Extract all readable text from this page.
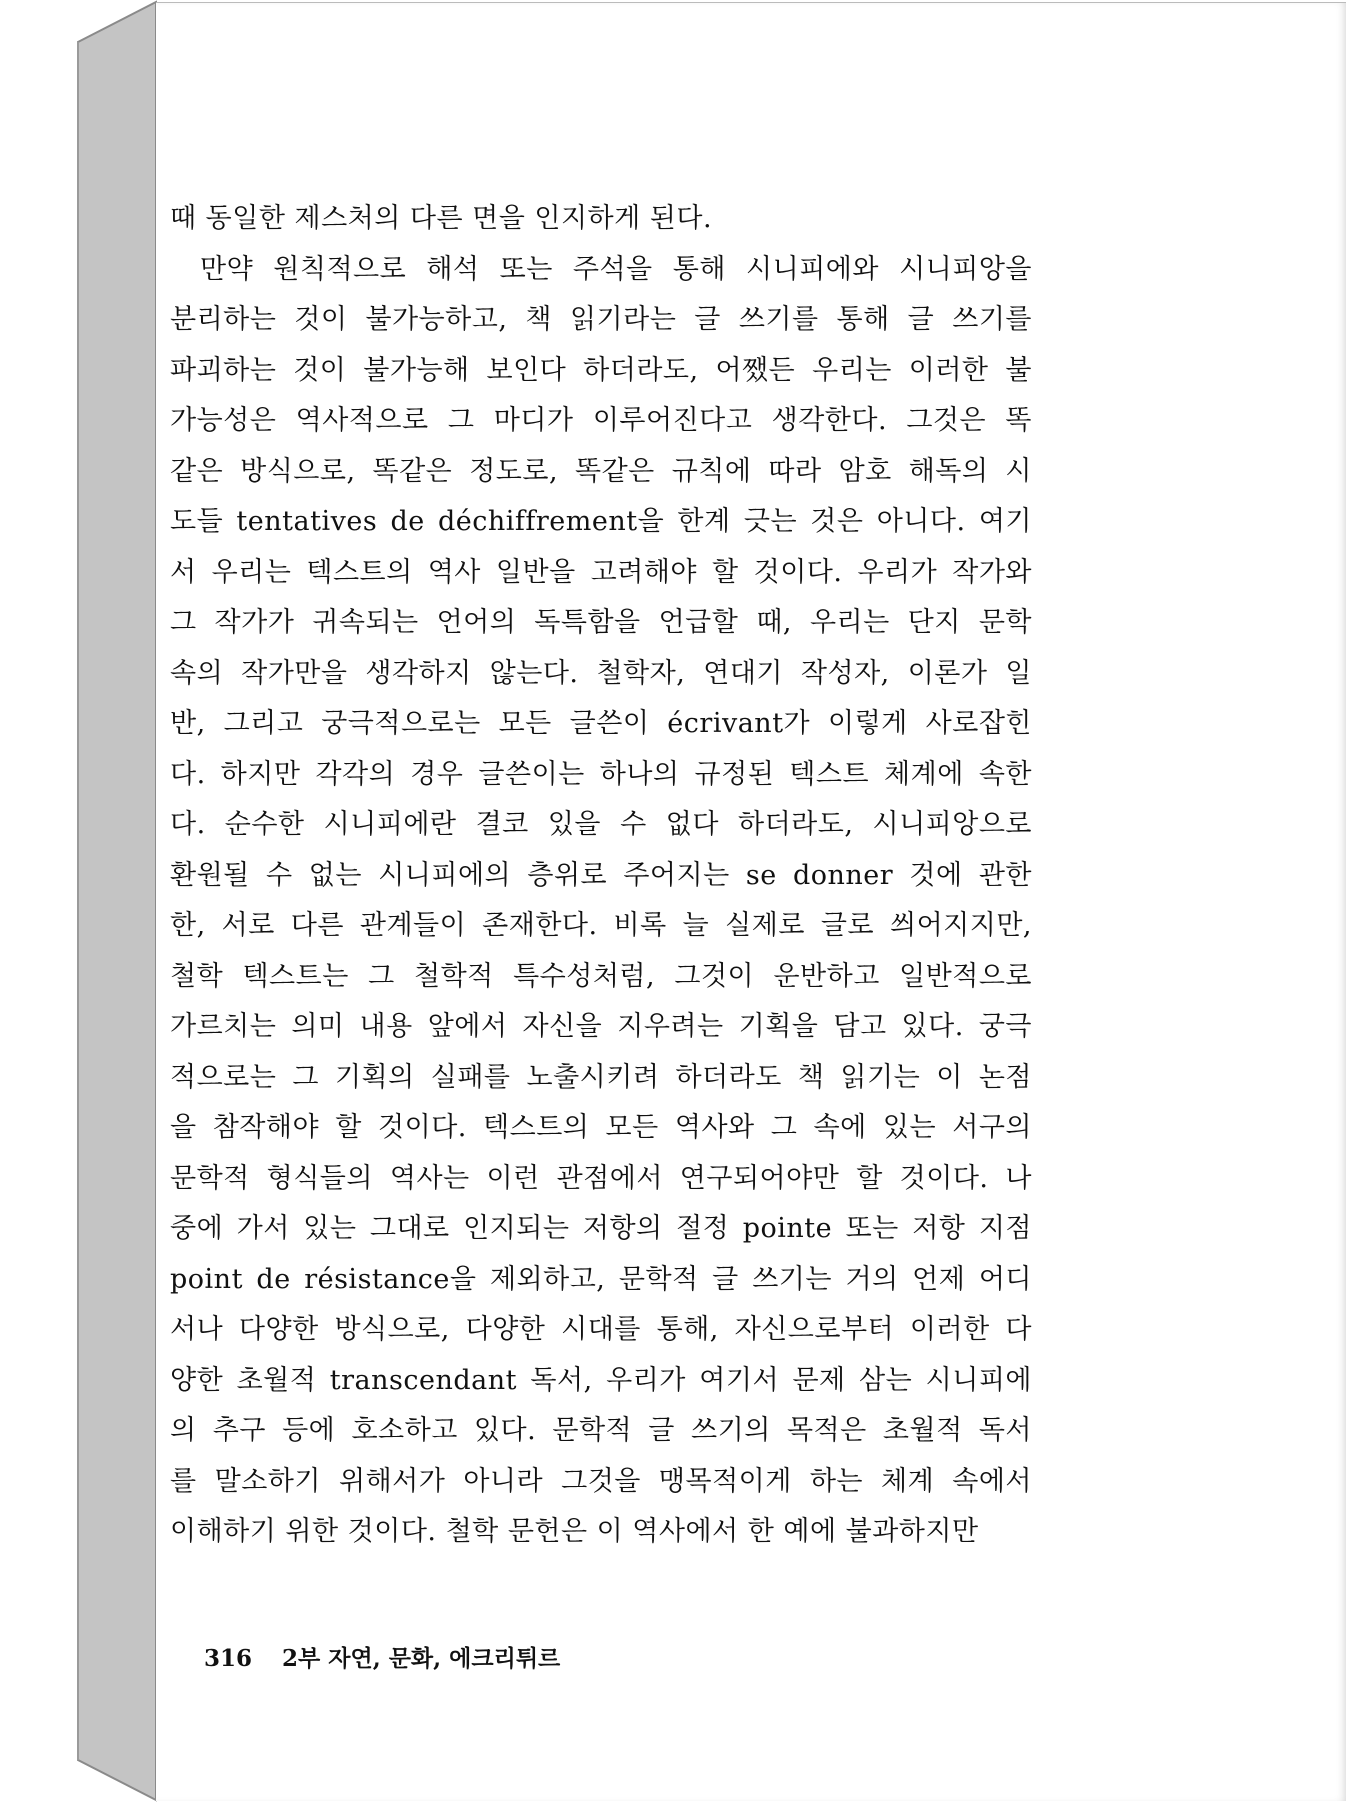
때 동일한 제스처의 다른 면을 인지하게 된다.
만약 원칙적으로 해석 또는 주석을 통해 시니피에와 시니피앙을
분리하는 것이 불가능하고, 책 읽기라는 글 쓰기를 통해 글 쓰기를
파괴하는 것이 불가능해 보인다 하더라도, 어쨌든 우리는 이러한 불
가능성은 역사적으로 그 마디가 이루어진다고 생각한다. 그것은 똑
같은 방식으로, 똑같은 정도로, 똑같은 규칙에 따라 암호 해독의 시
도들 tentatives de déchiffrement을 한계 긋는 것은 아니다. 여기
서 우리는 텍스트의 역사 일반을 고려해야 할 것이다. 우리가 작가와
그 작가가 귀속되는 언어의 독특함을 언급할 때, 우리는 단지 문학
속의 작가만을 생각하지 않는다. 철학자, 연대기 작성자, 이론가 일
반, 그리고 궁극적으로는 모든 글쓴이 écrivant가 이렇게 사로잡힌
다. 하지만 각각의 경우 글쓴이는 하나의 규정된 텍스트 체계에 속한
다. 순수한 시니피에란 결코 있을 수 없다 하더라도, 시니피앙으로
환원될 수 없는 시니피에의 층위로 주어지는 se donner 것에 관한
한, 서로 다른 관계들이 존재한다. 비록 늘 실제로 글로 씌어지지만,
철학 텍스트는 그 철학적 특수성처럼, 그것이 운반하고 일반적으로
가르치는 의미 내용 앞에서 자신을 지우려는 기획을 담고 있다. 궁극
적으로는 그 기획의 실패를 노출시키려 하더라도 책 읽기는 이 논점
을 참작해야 할 것이다. 텍스트의 모든 역사와 그 속에 있는 서구의
문학적 형식들의 역사는 이런 관점에서 연구되어야만 할 것이다. 나
중에 가서 있는 그대로 인지되는 저항의 절정 pointe 또는 저항 지점
point de résistance을 제외하고, 문학적 글 쓰기는 거의 언제 어디
서나 다양한 방식으로, 다양한 시대를 통해, 자신으로부터 이러한 다
양한 초월적 transcendant 독서, 우리가 여기서 문제 삼는 시니피에
의 추구 등에 호소하고 있다. 문학적 글 쓰기의 목적은 초월적 독서
를 말소하기 위해서가 아니라 그것을 맹목적이게 하는 체계 속에서
이해하기 위한 것이다. 철학 문헌은 이 역사에서 한 예에 불과하지만
316 2부 자연, 문화, 에크리튀르
